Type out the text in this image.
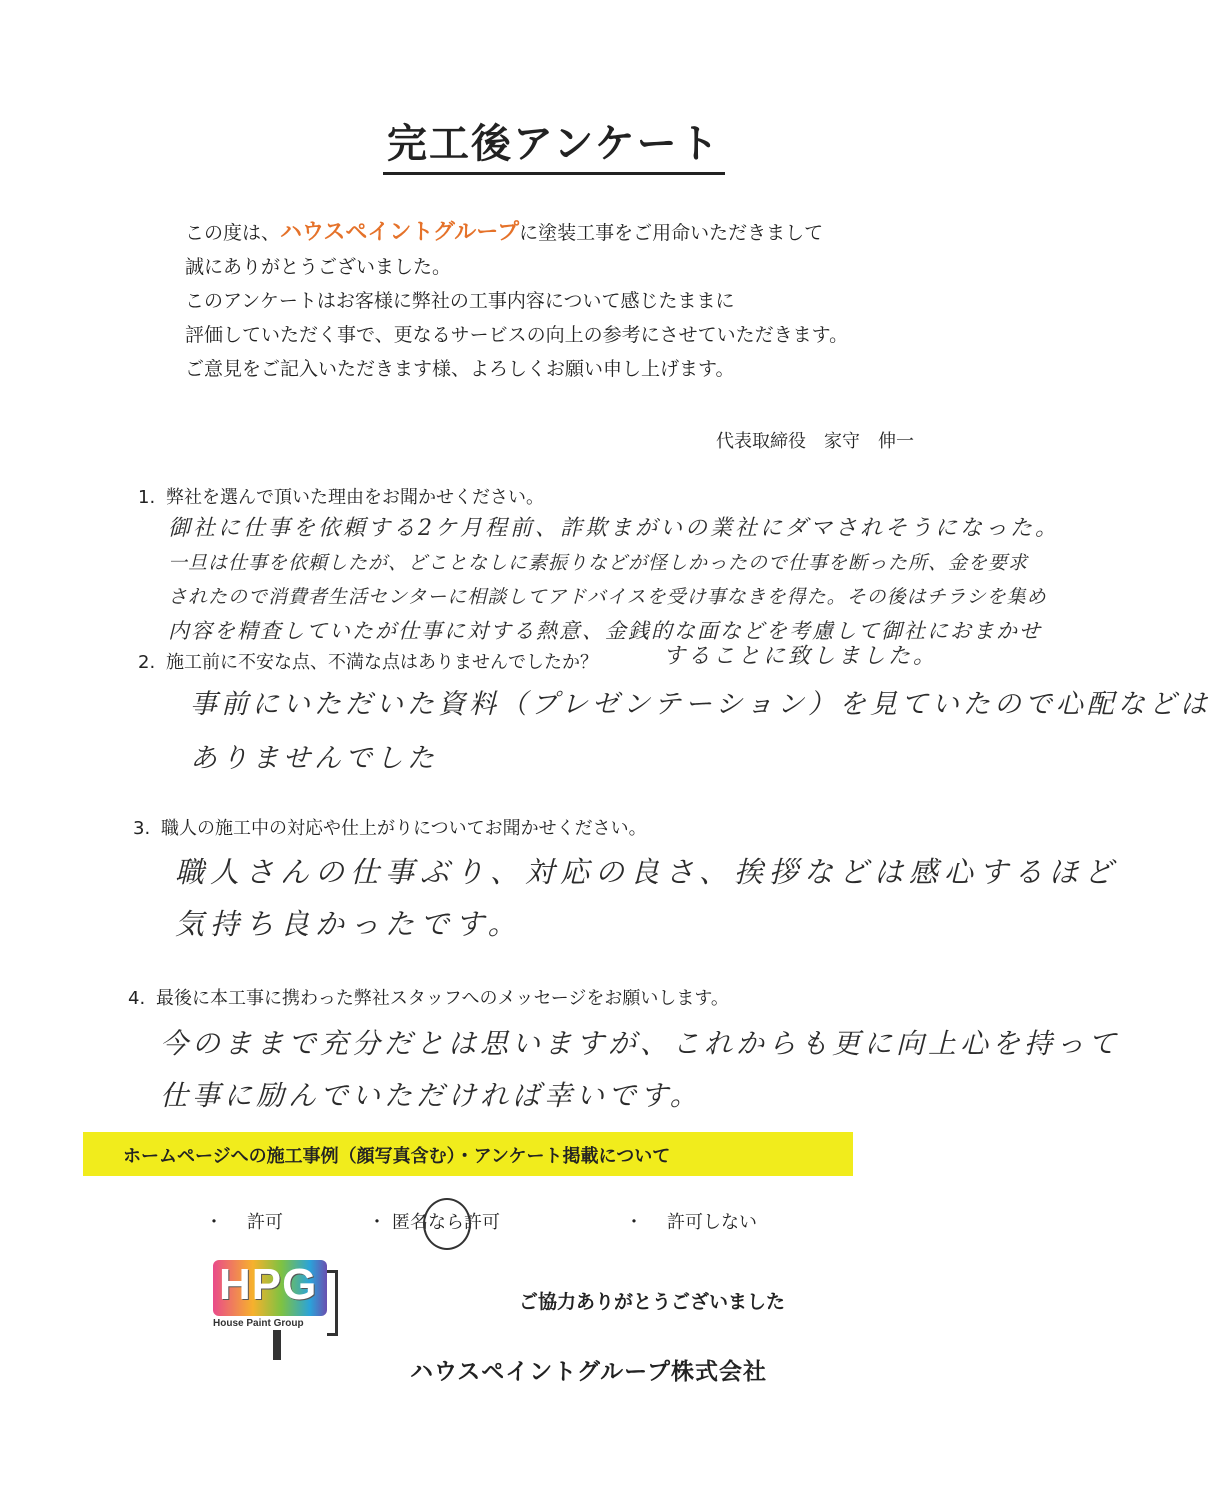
完工後アンケート
この度は、ハウスペイントグループに塗装工事をご用命いただきまして
誠にありがとうございました。
このアンケートはお客様に弊社の工事内容について感じたままに
評価していただく事で、更なるサービスの向上の参考にさせていただきます。
ご意見をご記入いただきます様、よろしくお願い申し上げます。
代表取締役 家守　伸一
1. 弊社を選んで頂いた理由をお聞かせください。
御社に仕事を依頼する2ケ月程前、詐欺まがいの業社にダマされそうになった。
一旦は仕事を依頼したが、どことなしに素振りなどが怪しかったので仕事を断った所、金を要求
されたので消費者生活センターに相談してアドバイスを受け事なきを得た。その後はチラシを集め
内容を精査していたが仕事に対する熱意、金銭的な面などを考慮して御社におまかせ
することに致しました。
2. 施工前に不安な点、不満な点はありませんでしたか？
事前にいただいた資料（プレゼンテーション）を見ていたので心配などは
ありませんでした
3. 職人の施工中の対応や仕上がりについてお聞かせください。
職人さんの仕事ぶり、対応の良さ、挨拶などは感心するほど
気持ち良かったです。
4. 最後に本工事に携わった弊社スタッフへのメッセージをお願いします。
今のままで充分だとは思いますが、これからも更に向上心を持って
仕事に励んでいただければ幸いです。
ホームページへの施工事例（顔写真含む）・アンケート掲載について
・ 許可	・ 匿名なら許可	・ 許可しない
HPG
House Paint Group
ご協力ありがとうございました
ハウスペイントグループ株式会社
